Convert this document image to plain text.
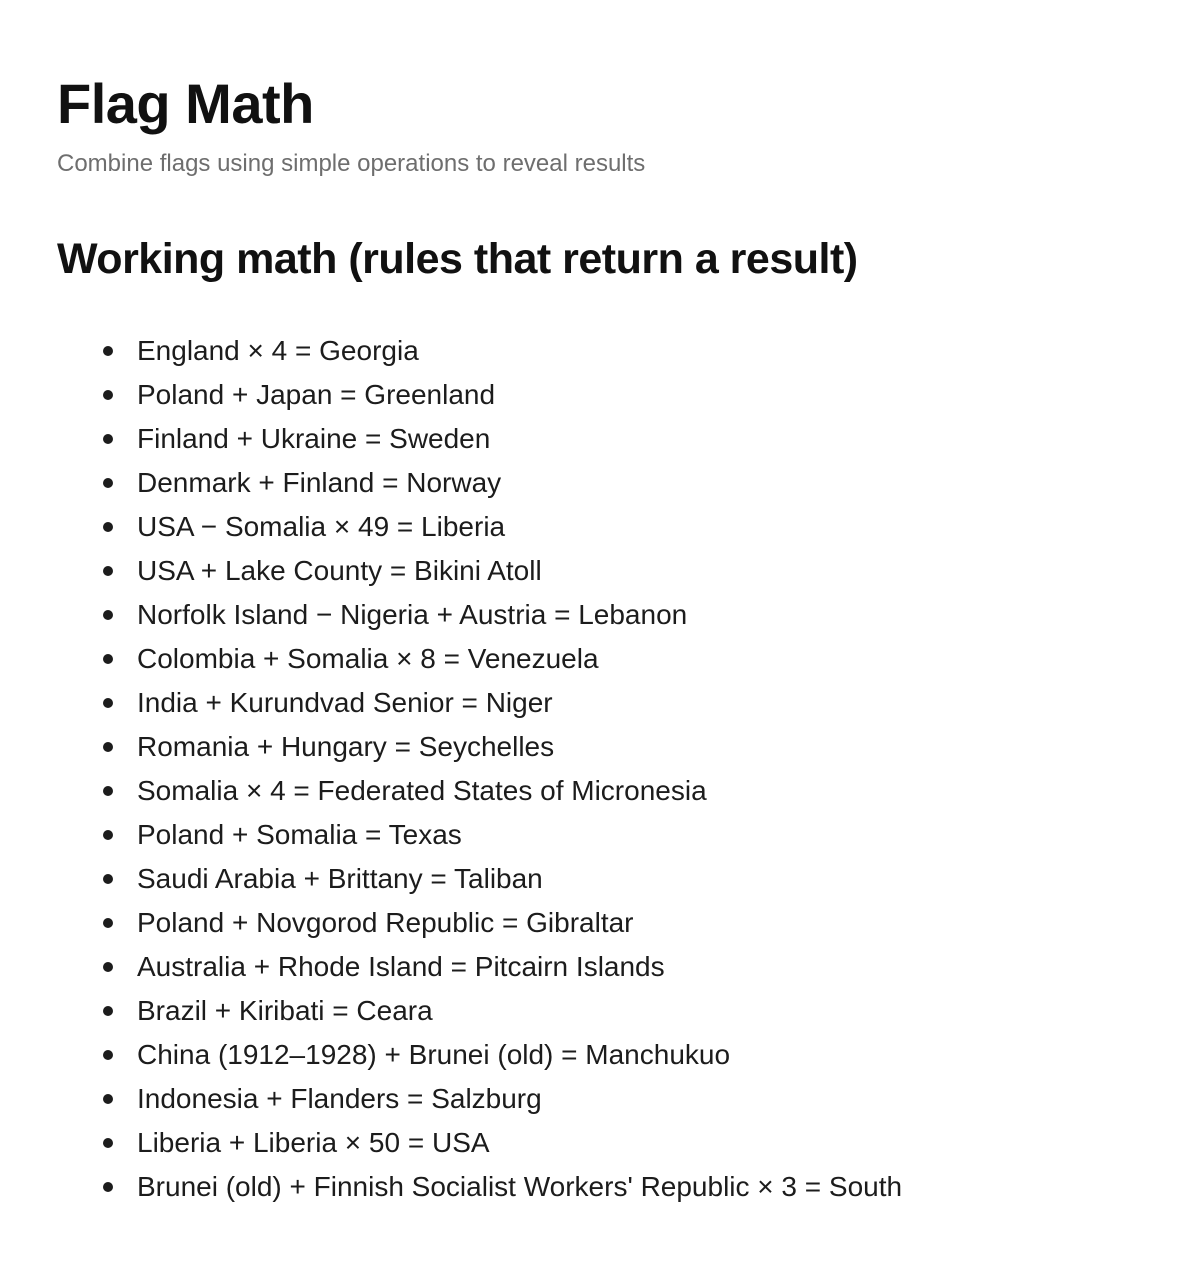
Flag Math

Combine flags using simple operations to reveal results

Working math (rules that return a result)
England × 4 = Georgia
Poland + Japan = Greenland
Finland + Ukraine = Sweden
Denmark + Finland = Norway
USA − Somalia × 49 = Liberia
USA + Lake County = Bikini Atoll
Norfolk Island − Nigeria + Austria = Lebanon
Colombia + Somalia × 8 = Venezuela
India + Kurundvad Senior = Niger
Romania + Hungary = Seychelles
Somalia × 4 = Federated States of Micronesia
Poland + Somalia = Texas
Saudi Arabia + Brittany = Taliban
Poland + Novgorod Republic = Gibraltar
Australia + Rhode Island = Pitcairn Islands
Brazil + Kiribati = Ceara
China (1912–1928) + Brunei (old) = Manchukuo
Indonesia + Flanders = Salzburg
Liberia + Liberia × 50 = USA
Brunei (old) + Finnish Socialist Workers' Republic × 3 = South
